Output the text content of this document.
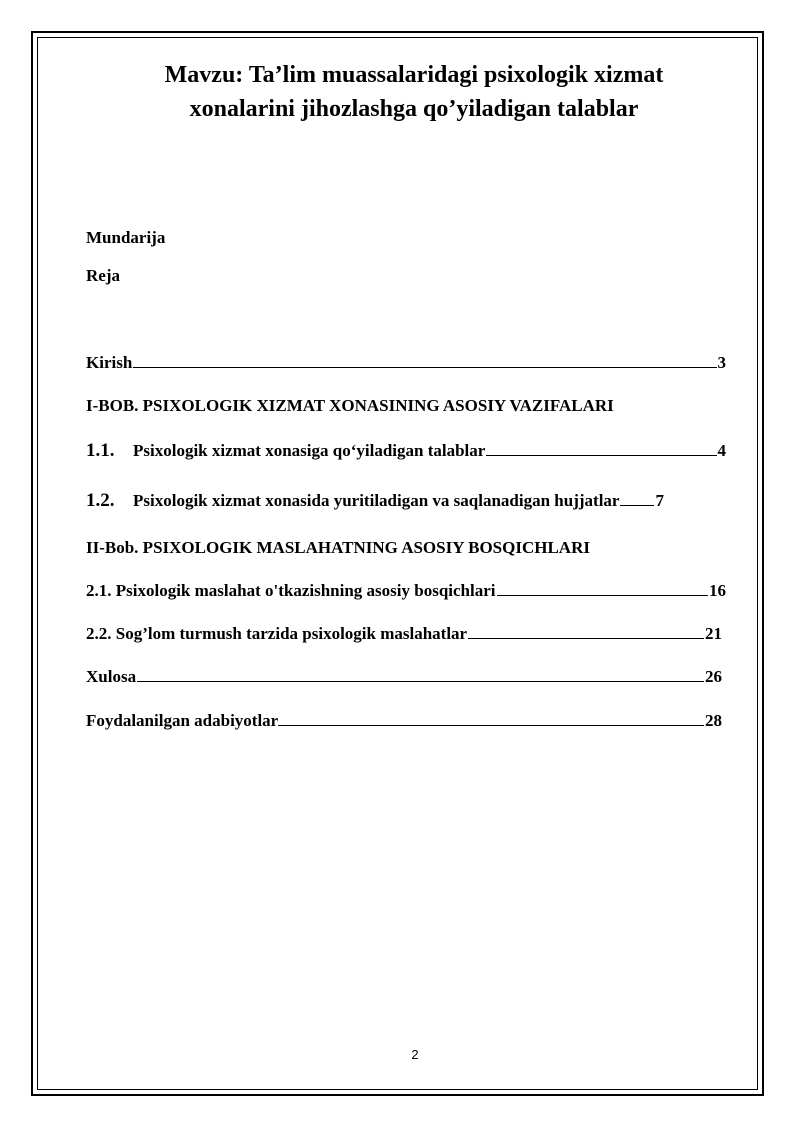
Mavzu: Ta’lim muassalaridagi psixologik xizmat
xonalarini jihozlashga qo’yiladigan talablar
Mundarija
Reja
Kirish	3
I-BOB. PSIXOLOGIK XIZMAT XONASINING ASOSIY VAZIFALARI
1.1.	Psixologik xizmat xonasiga qo‘yiladigan talablar	4
1.2.	Psixologik xizmat xonasida yuritiladigan va saqlanadigan hujjatlar 7
II-Bob. PSIXOLOGIK MASLAHATNING ASOSIY BOSQICHLARI
2.1. Psixologik maslahat o'tkazishning asosiy bosqichlari	16
2.2. Sog’lom turmush tarzida psixologik maslahatlar	21
Xulosa	26
Foydalanilgan adabiyotlar	28
2
